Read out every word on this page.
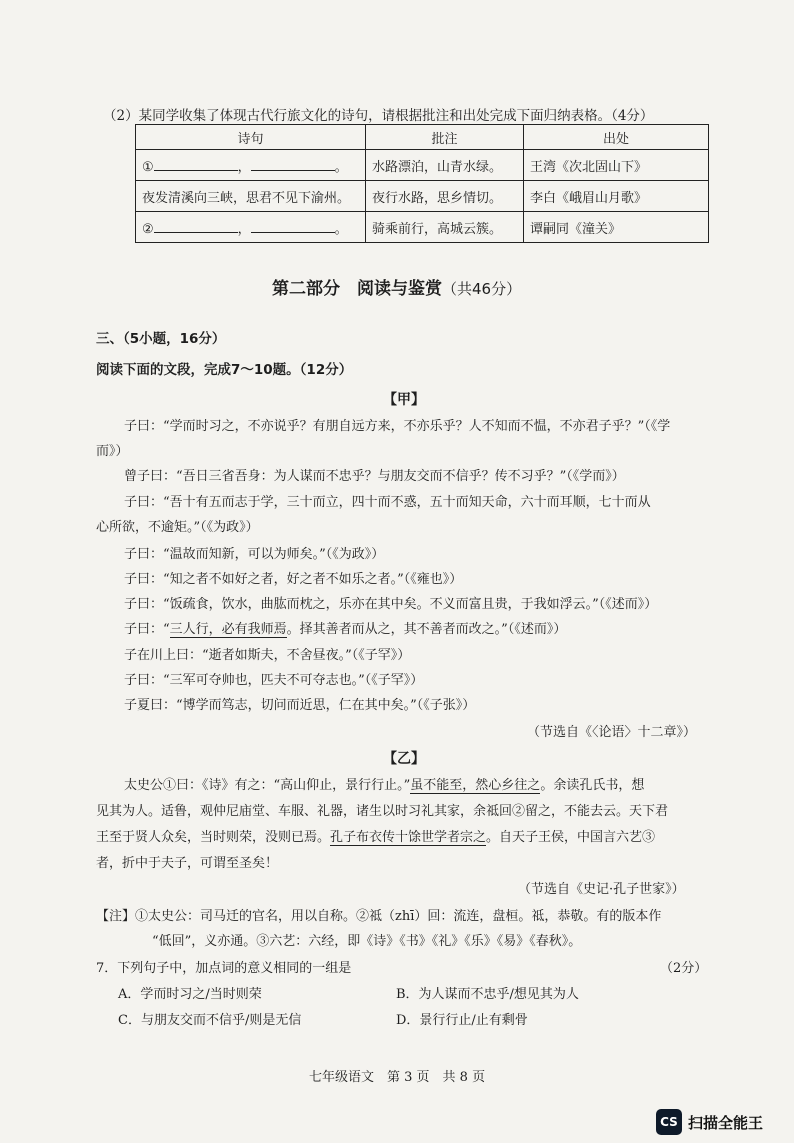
（2）某同学收集了体现古代行旅文化的诗句，请根据批注和出处完成下面归纳表格。（4分）
诗句	批注	出处
① ， 。	水路漂泊，山青水绿。	王湾《次北固山下》
夜发清溪向三峡，思君不见下渝州。	夜行水路，思乡情切。	李白《峨眉山月歌》
② ， 。	骑乘前行，高城云簇。	谭嗣同《潼关》
第二部分　阅读与鉴赏（共46分）
三、（5小题，16分）
阅读下面的文段，完成7～10题。（12分）
【甲】
子曰：“学而时习之，不亦说乎？有朋自远方来，不亦乐乎？人不知而不愠，不亦君子乎？”（《学
而》）
曾子曰：“吾日三省吾身：为人谋而不忠乎？与朋友交而不信乎？传不习乎？”（《学而》）
子曰：“吾十有五而志于学，三十而立，四十而不惑，五十而知天命，六十而耳顺，七十而从
心所欲，不逾矩。”（《为政》）
子曰：“温故而知新，可以为师矣。”（《为政》）
子曰：“知之者不如好之者，好之者不如乐之者。”（《雍也》）
子曰：“饭疏食，饮水，曲肱而枕之，乐亦在其中矣。不义而富且贵，于我如浮云。”（《述而》）
子曰：“三人行，必有我师焉。择其善者而从之，其不善者而改之。”（《述而》）
子在川上曰：“逝者如斯夫，不舍昼夜。”（《子罕》）
子曰：“三军可夺帅也，匹夫不可夺志也。”（《子罕》）
子夏曰：“博学而笃志，切问而近思，仁在其中矣。”（《子张》）
（节选自《〈论语〉十二章》）
【乙】
太史公①曰：《诗》有之：“高山仰止，景行行止。”虽不能至，然心乡往之。余读孔氏书，想
见其为人。适鲁，观仲尼庙堂、车服、礼器，诸生以时习礼其家，余祗回②留之，不能去云。天下君
王至于贤人众矣，当时则荣，没则已焉。孔子布衣传十馀世学者宗之。自天子王侯，中国言六艺③
者，折中于夫子，可谓至圣矣！
（节选自《史记·孔子世家》）
【注】①太史公：司马迁的官名，用以自称。②祗（zhī）回：流连，盘桓。祗，恭敬。有的版本作
“低回”，义亦通。③六艺：六经，即《诗》《书》《礼》《乐》《易》《春秋》。
7．下列句子中，加点词的意义相同的一组是	（2分）
A．学而时习之/当时则荣	B．为人谋而不忠乎/想见其为人
C．与朋友交而不信乎/则是无信	D．景行行止/止有剩骨
七年级语文　第 3 页　共 8 页
CS 扫描全能王
